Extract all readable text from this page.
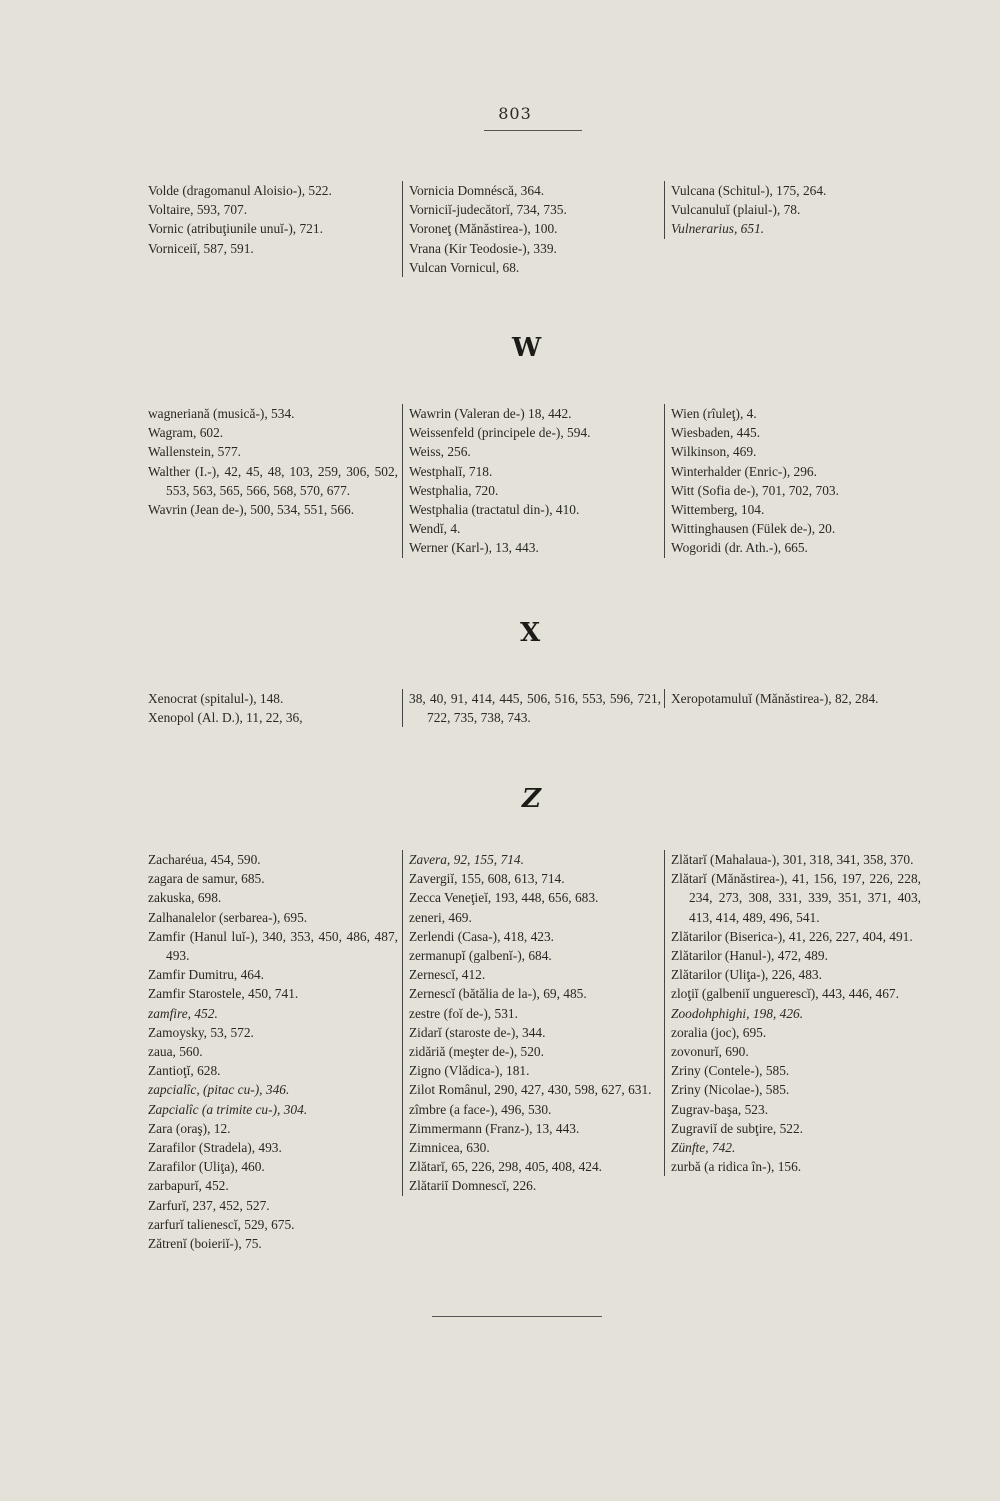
803
Volde (dragomanul Aloisio-), 522.
Voltaire, 593, 707.
Vornic (atribuţiunile unuĭ-), 721.
Vorniceiĭ, 587, 591.
Vornicia Domnéscă, 364.
Vorniciĭ-judecătorĭ, 734, 735.
Voroneţ (Mănăstirea-), 100.
Vrana (Kir Teodosie-), 339.
Vulcan Vornicul, 68.
Vulcana (Schitul-), 175, 264.
Vulcanuluĭ (plaiul-), 78.
Vulnerarius, 651.
W
wagneriană (musică-), 534.
Wagram, 602.
Wallenstein, 577.
Walther (I.-), 42, 45, 48, 103, 259, 306, 502, 553, 563, 565, 566, 568, 570, 677.
Wavrin (Jean de-), 500, 534, 551, 566.
Wawrin (Valeran de-) 18, 442.
Weissenfeld (principele de-), 594.
Weiss, 256.
Westphalĭ, 718.
Westphalia, 720.
Westphalia (tractatul din-), 410.
Wendĭ, 4.
Werner (Karl-), 13, 443.
Wien (rîuleţ), 4.
Wiesbaden, 445.
Wilkinson, 469.
Winterhalder (Enric-), 296.
Witt (Sofia de-), 701, 702, 703.
Wittemberg, 104.
Wittinghausen (Fülek de-), 20.
Wogoridi (dr. Ath.-), 665.
X
Xenocrat (spitalul-), 148.
Xenopol (Al. D.), 11, 22, 36,
38, 40, 91, 414, 445, 506, 516, 553, 596, 721, 722, 735, 738, 743.
Xeropotamuluĭ (Mănăstirea-), 82, 284.
Z
Zacharéua, 454, 590.
zagara de samur, 685.
zakuska, 698.
Zalhanalelor (serbarea-), 695.
Zamfir (Hanul luĭ-), 340, 353, 450, 486, 487, 493.
Zamfir Dumitru, 464.
Zamfir Starostele, 450, 741.
zamfire, 452.
Zamoysky, 53, 572.
zaua, 560.
Zantioţĭ, 628.
zapcialîc, (pitac cu-), 346.
Zapcialîc (a trimite cu-), 304.
Zara (oraş), 12.
Zarafilor (Stradela), 493.
Zarafilor (Uliţa), 460.
zarbapurĭ, 452.
Zarfurĭ, 237, 452, 527.
zarfurĭ talienescĭ, 529, 675.
Zătrenĭ (boieriĭ-), 75.
Zavera, 92, 155, 714.
Zavergiĭ, 155, 608, 613, 714.
Zecca Veneţieĭ, 193, 448, 656, 683.
zeneri, 469.
Zerlendi (Casa-), 418, 423.
zermanupĭ (galbenĭ-), 684.
Zernescĭ, 412.
Zernescĭ (bătălia de la-), 69, 485.
zestre (foĭ de-), 531.
Zidarĭ (staroste de-), 344.
zidăriă (meşter de-), 520.
Zigno (Vlădica-), 181.
Zilot Românul, 290, 427, 430, 598, 627, 631.
zîmbre (a face-), 496, 530.
Zimmermann (Franz-), 13, 443.
Zimnicea, 630.
Zlătarĭ, 65, 226, 298, 405, 408, 424.
Zlătariĭ Domnescĭ, 226.
Zlătarĭ (Mahalaua-), 301, 318, 341, 358, 370.
Zlătarĭ (Mănăstirea-), 41, 156, 197, 226, 228, 234, 273, 308, 331, 339, 351, 371, 403, 413, 414, 489, 496, 541.
Zlătarilor (Biserica-), 41, 226, 227, 404, 491.
Zlătarilor (Hanul-), 472, 489.
Zlătarilor (Uliţa-), 226, 483.
zloţiĭ (galbeniĭ unguerescĭ), 443, 446, 467.
Zoodohphighi, 198, 426.
zoralia (joc), 695.
zovonurĭ, 690.
Zriny (Contele-), 585.
Zriny (Nicolae-), 585.
Zugrav-başa, 523.
Zugraviĭ de subţire, 522.
Zünfte, 742.
zurbă (a ridica în-), 156.
